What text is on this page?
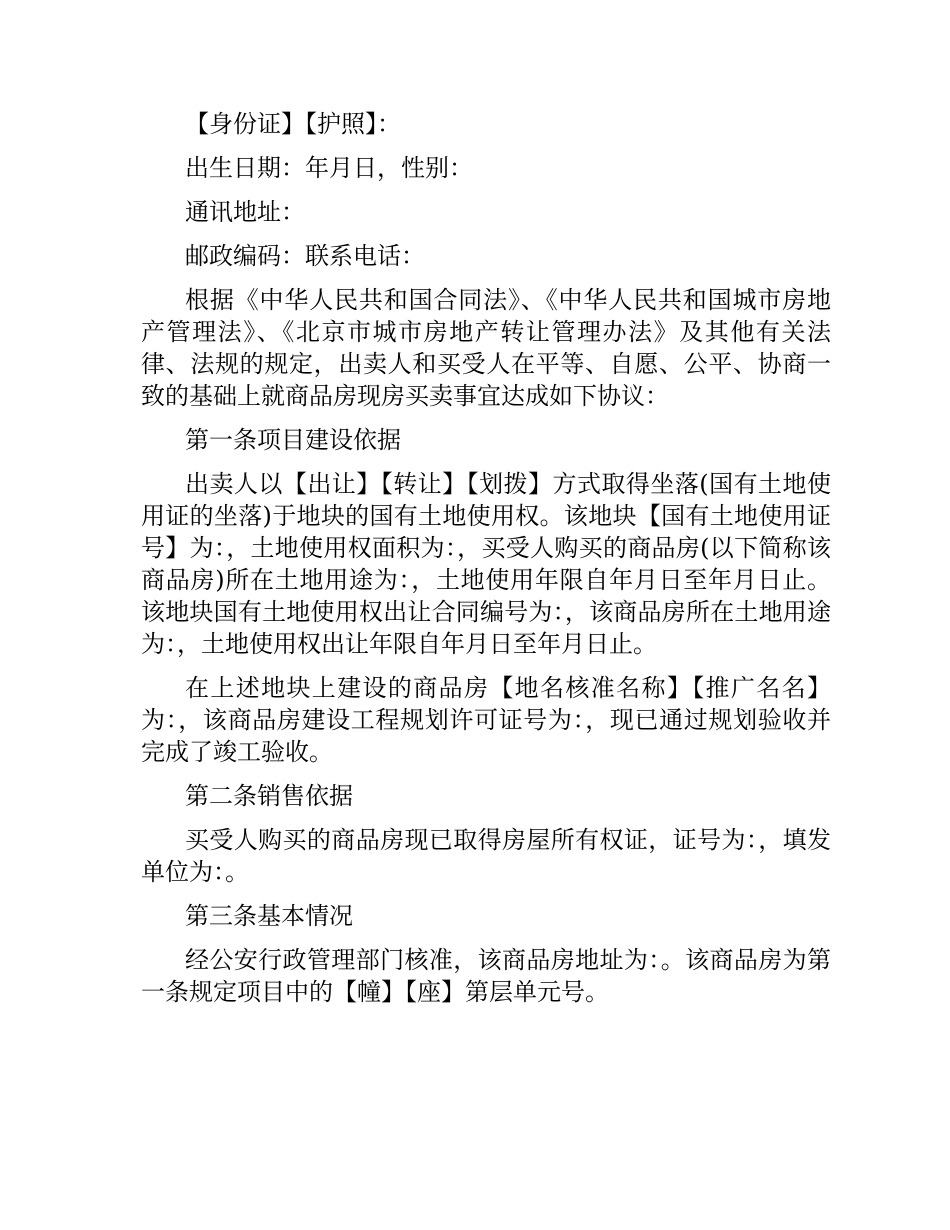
【身份证】【护照】：

出生日期：年月日，性别：

通讯地址：

邮政编码：联系电话：

根据《中华人民共和国合同法》、《中华人民共和国城市房地产管理法》、《北京市城市房地产转让管理办法》及其他有关法律、法规的规定，出卖人和买受人在平等、自愿、公平、协商一致的基础上就商品房现房买卖事宜达成如下协议：

第一条项目建设依据

出卖人以【出让】【转让】【划拨】方式取得坐落(国有土地使用证的坐落)于地块的国有土地使用权。该地块【国有土地使用证号】为：，土地使用权面积为：，买受人购买的商品房(以下简称该商品房)所在土地用途为：，土地使用年限自年月日至年月日止。该地块国有土地使用权出让合同编号为：，该商品房所在土地用途为：，土地使用权出让年限自年月日至年月日止。

在上述地块上建设的商品房【地名核准名称】【推广名名】为：，该商品房建设工程规划许可证号为：，现已通过规划验收并完成了竣工验收。

第二条销售依据

买受人购买的商品房现已取得房屋所有权证，证号为：，填发单位为：。

第三条基本情况

经公安行政管理部门核准，该商品房地址为：。该商品房为第一条规定项目中的【幢】【座】第层单元号。
